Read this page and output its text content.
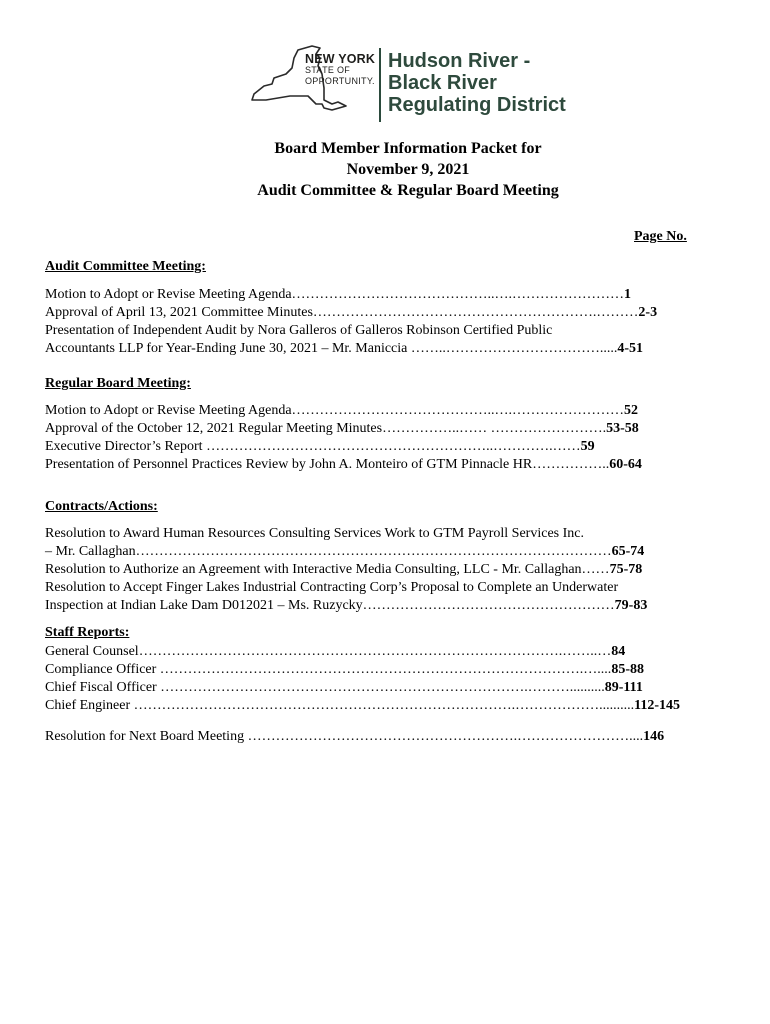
NEW YORK
STATE OF
OPPORTUNITY.
Hudson River -
Black River
Regulating District
Board Member Information Packet for
November 9, 2021
Audit Committee & Regular Board Meeting
Page No.
Audit Committee Meeting:
Motion to Adopt or Revise Meeting Agenda……………………………………..….……………………1
Approval of April 13, 2021 Committee Minutes…………………………………………………….………2-3
Presentation of Independent Audit by Nora Galleros of Galleros Robinson Certified Public
Accountants LLP for Year-Ending June 30, 2021 – Mr. Maniccia ……..…………………………….....4-51
Regular Board Meeting:
Motion to Adopt or Revise Meeting Agenda……………………………………..….……………………52
Approval of the October 12, 2021 Regular Meeting Minutes……………..…… …………………….53-58
Executive Director’s Report ……………………………………………………..………….……59
Presentation of Personnel Practices Review by John A. Monteiro of GTM Pinnacle HR……………..60-64
Contracts/Actions:
Resolution to Award Human Resources Consulting Services Work to GTM Payroll Services Inc.
– Mr. Callaghan…………………………………………………………………………………………65-74
Resolution to Authorize an Agreement with Interactive Media Consulting, LLC - Mr. Callaghan……75-78
Resolution to Accept Finger Lakes Industrial Contracting Corp’s Proposal to Complete an Underwater
Inspection at Indian Lake Dam D012021 – Ms. Ruzycky………………………………………………79-83
Staff Reports:
General Counsel……………………………………………………………………………….……..…84
Compliance Officer ……………………………………………………………………………….…....85-88
Chief Fiscal Officer …………………………………………………………………….………..........89-111
Chief Engineer ……………………………………………………………………….………………..........112-145
Resolution for Next Board Meeting ………………………………………………….……………………....146
